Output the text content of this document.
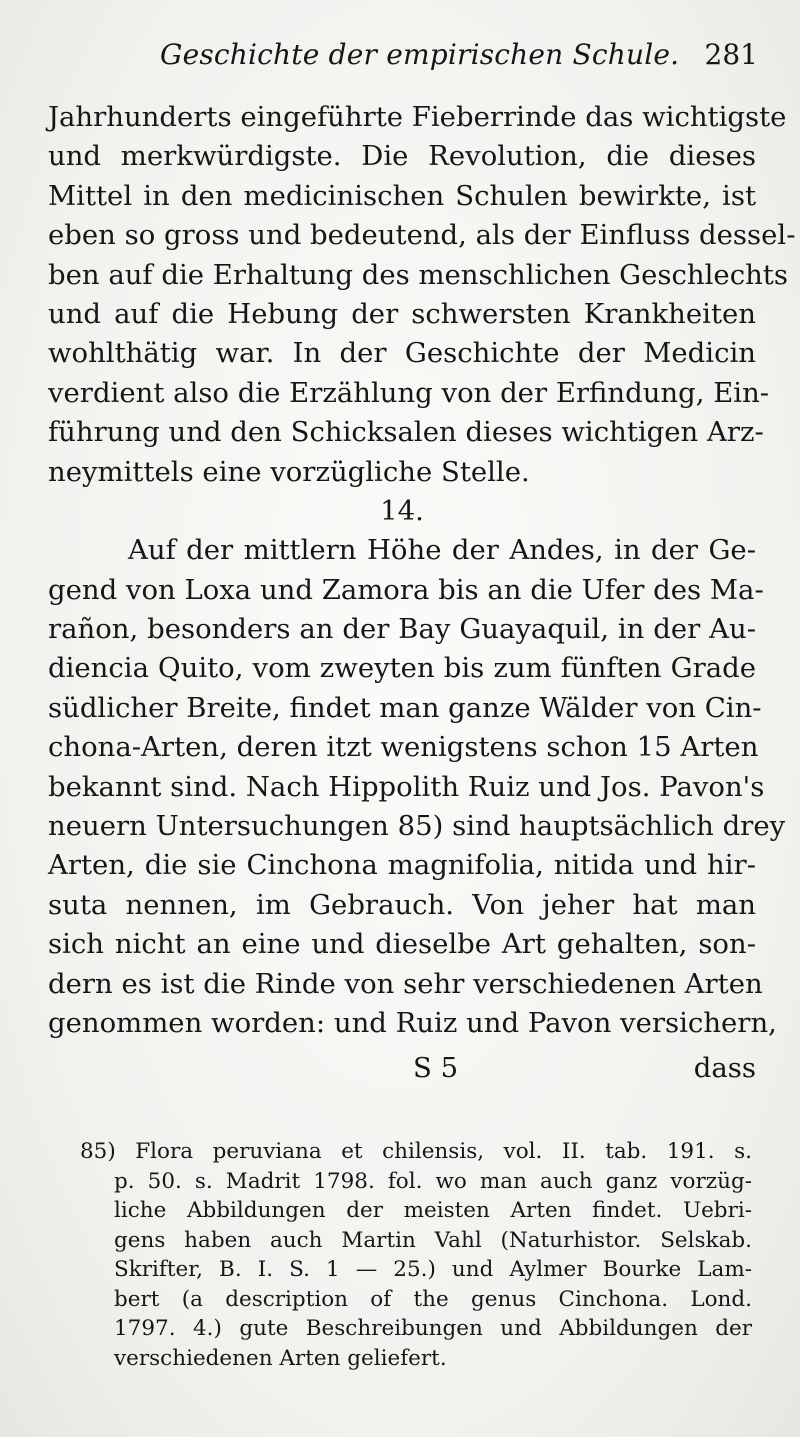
Geschichte der empirischen Schule. 281
Jahrhunderts eingeführte Fieberrinde das wichtigste
und merkwürdigste. Die Revolution, die dieses
Mittel in den medicinischen Schulen bewirkte, ist
eben so gross und bedeutend, als der Einfluss dessel-
ben auf die Erhaltung des menschlichen Geschlechts
und auf die Hebung der schwersten Krankheiten
wohlthätig war. In der Geschichte der Medicin
verdient also die Erzählung von der Erfindung, Ein-
führung und den Schicksalen dieses wichtigen Arz-
neymittels eine vorzügliche Stelle.
14.
Auf der mittlern Höhe der Andes, in der Ge-
gend von Loxa und Zamora bis an die Ufer des Ma-
rañon, besonders an der Bay Guayaquil, in der Au-
diencia Quito, vom zweyten bis zum fünften Grade
südlicher Breite, findet man ganze Wälder von Cin-
chona-Arten, deren itzt wenigstens schon 15 Arten
bekannt sind. Nach Hippolith Ruiz und Jos. Pavon's
neuern Untersuchungen 85) sind hauptsächlich drey
Arten, die sie Cinchona magnifolia, nitida und hir-
suta nennen, im Gebrauch. Von jeher hat man
sich nicht an eine und dieselbe Art gehalten, son-
dern es ist die Rinde von sehr verschiedenen Arten
genommen worden: und Ruiz und Pavon versichern,
S 5	dass
85) Flora peruviana et chilensis, vol. II. tab. 191. s.
p. 50. s. Madrit 1798. fol. wo man auch ganz vorzüg-
liche Abbildungen der meisten Arten findet. Uebri-
gens haben auch Martin Vahl (Naturhistor. Selskab.
Skrifter, B. I. S. 1 — 25.) und Aylmer Bourke Lam-
bert (a description of the genus Cinchona. Lond.
1797. 4.) gute Beschreibungen und Abbildungen der
verschiedenen Arten geliefert.
